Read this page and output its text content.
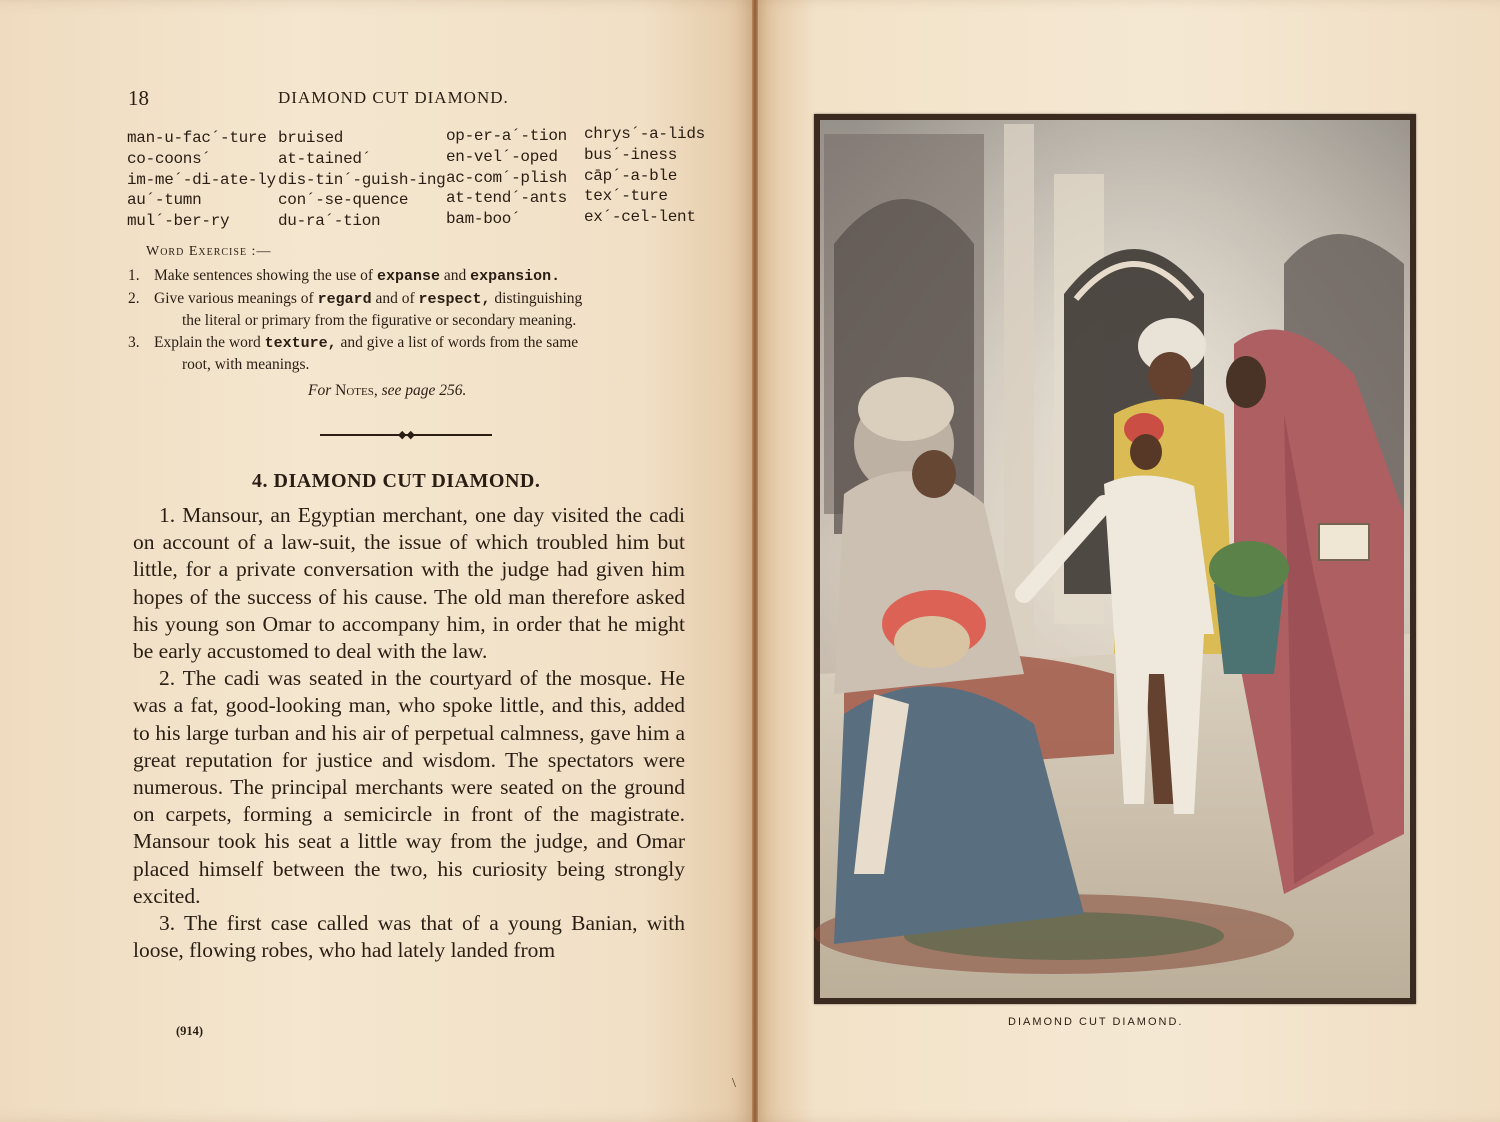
18	DIAMOND CUT DIAMOND.
man-u-fac´-ture
co-coons´
im-me´-di-ate-ly
au´-tumn
mul´-ber-ry
bruised
at-tained´
dis-tin´-guish-ing
con´-se-quence
du-ra´-tion
op-er-a´-tion
en-vel´-oped
ac-com´-plish
at-tend´-ants
bam-boo´
chrys´-a-lids
bus´-iness
cāp´-a-ble
tex´-ture
ex´-cel-lent
Word Exercise :—
1. Make sentences showing the use of expanse and expansion.
2. Give various meanings of regard and of respect, distinguishing
the literal or primary from the figurative or secondary meaning.
3. Explain the word texture, and give a list of words from the same
root, with meanings.
For Notes, see page 256.
◆◆
4. DIAMOND CUT DIAMOND.

1. Mansour, an Egyptian merchant, one day visited the cadi on account of a law-suit, the issue of which troubled him but little, for a private conversation with the judge had given him hopes of the success of his cause. The old man therefore asked his young son Omar to accompany him, in order that he might be early accustomed to deal with the law.

2. The cadi was seated in the courtyard of the mosque. He was a fat, good-looking man, who spoke little, and this, added to his large turban and his air of perpetual calmness, gave him a great reputation for justice and wisdom. The spectators were numerous. The principal merchants were seated on the ground on carpets, forming a semicircle in front of the magistrate. Mansour took his seat a little way from the judge, and Omar placed himself between the two, his curiosity being strongly excited.

3. The first case called was that of a young Banian, with loose, flowing robes, who had lately landed from

(914)
DIAMOND CUT DIAMOND.
\
